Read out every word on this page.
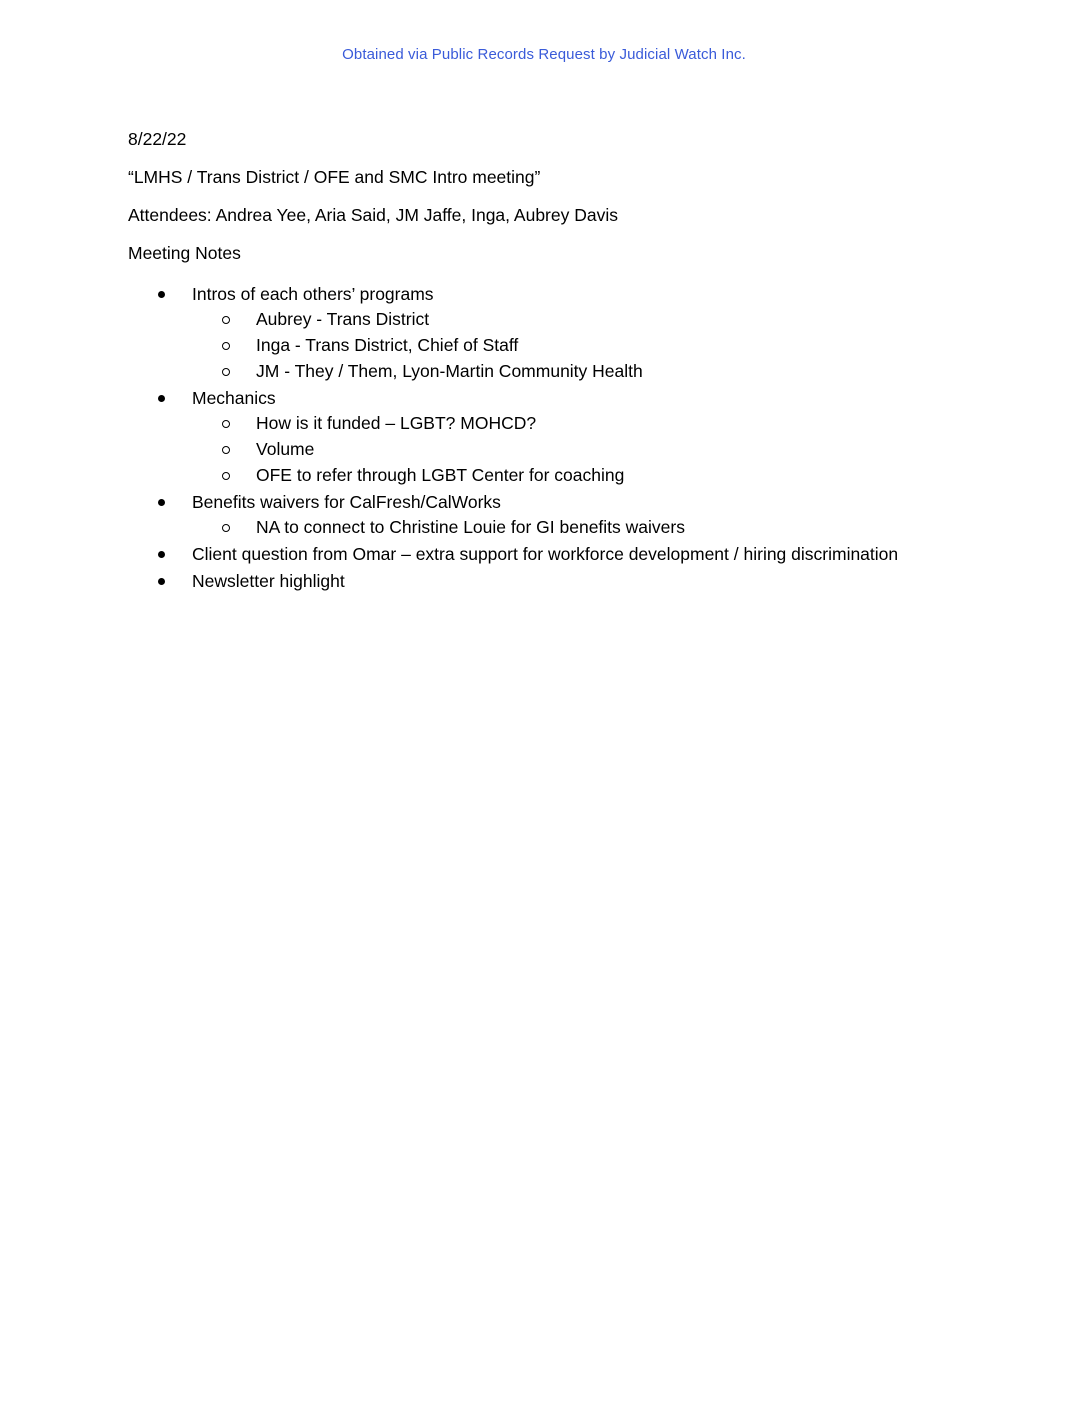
Obtained via Public Records Request by Judicial Watch Inc.

8/22/22

“LMHS / Trans District / OFE and SMC Intro meeting”

Attendees: Andrea Yee, Aria Said, JM Jaffe, Inga, Aubrey Davis

Meeting Notes

Intros of each others’ programs
Aubrey - Trans District
Inga - Trans District, Chief of Staff
JM - They / Them, Lyon-Martin Community Health
Mechanics
How is it funded – LGBT? MOHCD?
Volume
OFE to refer through LGBT Center for coaching
Benefits waivers for CalFresh/CalWorks
NA to connect to Christine Louie for GI benefits waivers
Client question from Omar – extra support for workforce development / hiring discrimination
Newsletter highlight
